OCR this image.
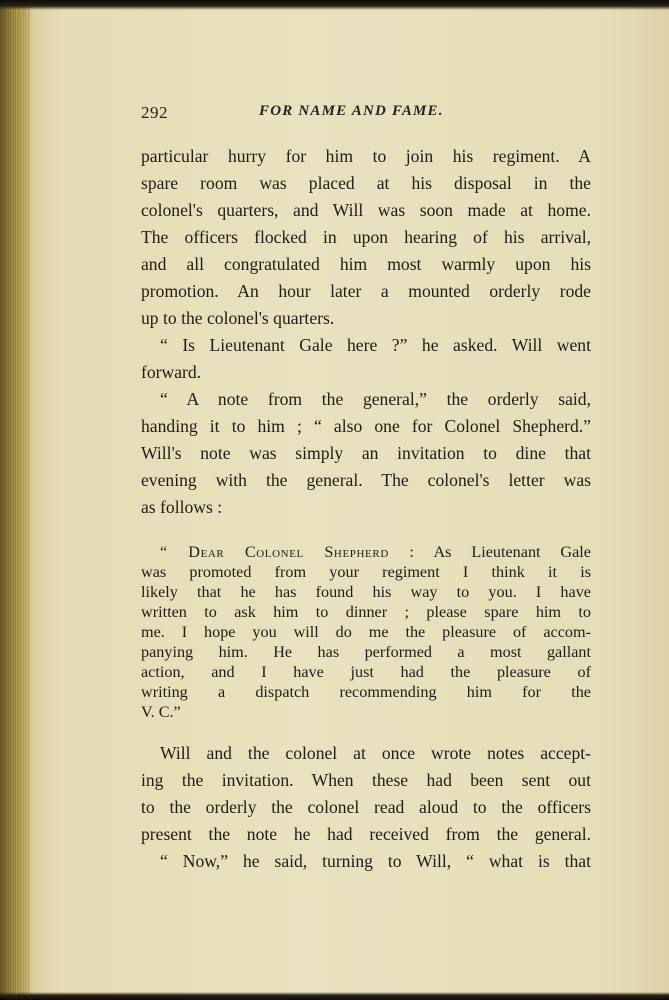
292	FOR NAME AND FAME.
particular hurry for him to join his regiment. A
spare room was placed at his disposal in the
colonel's quarters, and Will was soon made at home.
The officers flocked in upon hearing of his arrival,
and all congratulated him most warmly upon his
promotion. An hour later a mounted orderly rode
up to the colonel's quarters.
“ Is Lieutenant Gale here ?” he asked. Will went
forward.
“ A note from the general,” the orderly said,
handing it to him ; “ also one for Colonel Shepherd.”
Will's note was simply an invitation to dine that
evening with the general. The colonel's letter was
as follows :
“ Dear Colonel Shepherd : As Lieutenant Gale
was promoted from your regiment I think it is
likely that he has found his way to you. I have
written to ask him to dinner ; please spare him to
me. I hope you will do me the pleasure of accom-
panying him. He has performed a most gallant
action, and I have just had the pleasure of
writing a dispatch recommending him for the
V. C.”
Will and the colonel at once wrote notes accept-
ing the invitation. When these had been sent out
to the orderly the colonel read aloud to the officers
present the note he had received from the general.
“ Now,” he said, turning to Will, “ what is that
